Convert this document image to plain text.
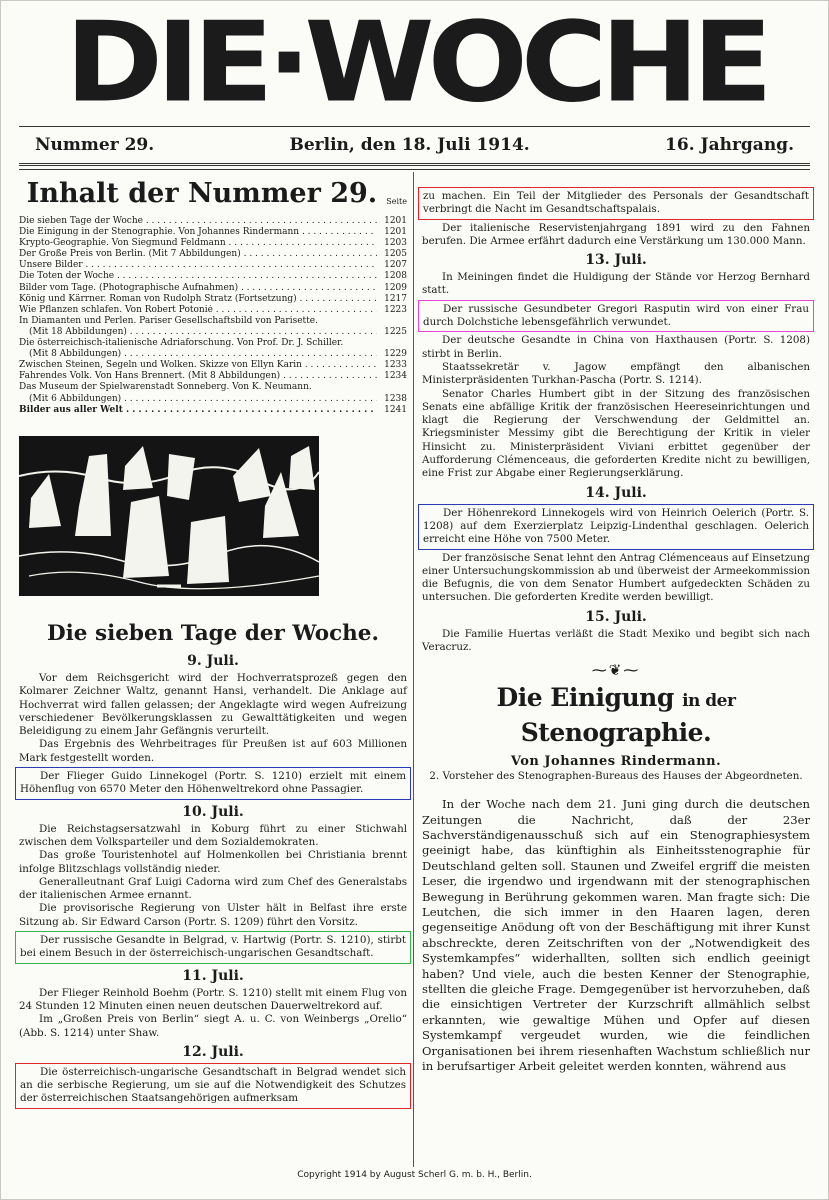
DIE·WOCHE
Nummer 29.	Berlin, den 18. Juli 1914.	16. Jahrgang.
Inhalt der Nummer 29.	Seite
Die sieben Tage der Woche . . .	1201
Die Einigung in der Stenographie. Von Johannes Rindermann . . .	1201
Krypto-Geographie. Von Siegmund Feldmann . . .	1203
Der Große Preis von Berlin. (Mit 7 Abbildungen) . . .	1205
Unsere Bilder . . .	1207
Die Toten der Woche . . .	1208
Bilder vom Tage. (Photographische Aufnahmen) . . .	1209
König und Kärrner. Roman von Rudolph Stratz (Fortsetzung) . . .	1217
Wie Pflanzen schlafen. Von Robert Potonié . . .	1223
In Diamanten und Perlen. Pariser Gesellschaftsbild von Parisette.
(Mit 18 Abbildungen) . . .	1225
Die österreichisch-italienische Adriaforschung. Von Prof. Dr. J. Schiller.
(Mit 8 Abbildungen) . . .	1229
Zwischen Steinen, Segeln und Wolken. Skizze von Ellyn Karin . . .	1233
Fahrendes Volk. Von Hans Brennert. (Mit 8 Abbildungen) . . .	1234
Das Museum der Spielwarenstadt Sonneberg. Von K. Neumann.
(Mit 6 Abbildungen) . . .	1238
Bilder aus aller Welt . . .	1241
Die sieben Tage der Woche.
9. Juli.

Vor dem Reichsgericht wird der Hochverratsprozeß gegen den Kolmarer Zeichner Waltz, genannt Hansi, verhandelt. Die Anklage auf Hochverrat wird fallen gelassen; der Angeklagte wird wegen Aufreizung verschiedener Bevölkerungsklassen zu Gewalttätigkeiten und wegen Beleidigung zu einem Jahr Gefängnis verurteilt.

Das Ergebnis des Wehrbeitrages für Preußen ist auf 603 Millionen Mark festgestellt worden.

Der Flieger Guido Linnekogel (Portr. S. 1210) erzielt mit einem Höhenflug von 6570 Meter den Höhenweltrekord ohne Passagier.

10. Juli.

Die Reichstagsersatzwahl in Koburg führt zu einer Stichwahl zwischen dem Volksparteiler und dem Sozialdemokraten.

Das große Touristenhotel auf Holmenkollen bei Christiania brennt infolge Blitzschlags vollständig nieder.

Generalleutnant Graf Luigi Cadorna wird zum Chef des Generalstabs der italienischen Armee ernannt.

Die provisorische Regierung von Ulster hält in Belfast ihre erste Sitzung ab. Sir Edward Carson (Portr. S. 1209) führt den Vorsitz.

Der russische Gesandte in Belgrad, v. Hartwig (Portr. S. 1210), stirbt bei einem Besuch in der österreichisch-ungarischen Gesandtschaft.

11. Juli.

Der Flieger Reinhold Boehm (Portr. S. 1210) stellt mit einem Flug von 24 Stunden 12 Minuten einen neuen deutschen Dauerweltrekord auf.

Im „Großen Preis von Berlin“ siegt A. u. C. von Weinbergs „Orelio“ (Abb. S. 1214) unter Shaw.

12. Juli.

Die österreichisch-ungarische Gesandtschaft in Belgrad wendet sich an die serbische Regierung, um sie auf die Notwendigkeit des Schutzes der österreichischen Staatsangehörigen aufmerksam

zu machen. Ein Teil der Mitglieder des Personals der Gesandtschaft verbringt die Nacht im Gesandtschaftspalais.

Der italienische Reservistenjahrgang 1891 wird zu den Fahnen berufen. Die Armee erfährt dadurch eine Verstärkung um 130.000 Mann.

13. Juli.

In Meiningen findet die Huldigung der Stände vor Herzog Bernhard statt.

Der russische Gesundbeter Gregori Rasputin wird von einer Frau durch Dolchstiche lebensgefährlich verwundet.

Der deutsche Gesandte in China von Haxthausen (Portr. S. 1208) stirbt in Berlin.

Staatssekretär v. Jagow empfängt den albanischen Ministerpräsidenten Turkhan-Pascha (Portr. S. 1214).

Senator Charles Humbert gibt in der Sitzung des französischen Senats eine abfällige Kritik der französischen Heereseinrichtungen und klagt die Regierung der Verschwendung der Geldmittel an. Kriegsminister Messimy gibt die Berechtigung der Kritik in vieler Hinsicht zu. Ministerpräsident Viviani erbittet gegenüber der Aufforderung Clémenceaus, die geforderten Kredite nicht zu bewilligen, eine Frist zur Abgabe einer Regierungserklärung.

14. Juli.

Der Höhenrekord Linnekogels wird von Heinrich Oelerich (Portr. S. 1208) auf dem Exerzierplatz Leipzig-Lindenthal geschlagen. Oelerich erreicht eine Höhe von 7500 Meter.

Der französische Senat lehnt den Antrag Clémenceaus auf Einsetzung einer Untersuchungskommission ab und überweist der Armeekommission die Befugnis, die von dem Senator Humbert aufgedeckten Schäden zu untersuchen. Die geforderten Kredite werden bewilligt.

15. Juli.

Die Familie Huertas verläßt die Stadt Mexiko und begibt sich nach Veracruz.

⁓❦⁓
Die Einigung in der Stenographie.
Von Johannes Rindermann.
2. Vorsteher des Stenographen-Bureaus des Hauses der Abgeordneten.

In der Woche nach dem 21. Juni ging durch die deutschen Zeitungen die Nachricht, daß der 23er Sachverständigenausschuß sich auf ein Stenographiesystem geeinigt habe, das künftighin als Einheitsstenographie für Deutschland gelten soll. Staunen und Zweifel ergriff die meisten Leser, die irgendwo und irgendwann mit der stenographischen Bewegung in Berührung gekommen waren. Man fragte sich: Die Leutchen, die sich immer in den Haaren lagen, deren gegenseitige Anödung oft von der Beschäftigung mit ihrer Kunst abschreckte, deren Zeitschriften von der „Notwendigkeit des Systemkampfes“ widerhallten, sollten sich endlich geeinigt haben? Und viele, auch die besten Kenner der Stenographie, stellten die gleiche Frage. Demgegenüber ist hervorzuheben, daß die einsichtigen Vertreter der Kurzschrift allmählich selbst erkannten, wie gewaltige Mühen und Opfer auf diesen Systemkampf vergeudet wurden, wie die feindlichen Organisationen bei ihrem riesenhaften Wachstum schließlich nur in berufsartiger Arbeit geleitet werden konnten, während aus

Copyright 1914 by August Scherl G. m. b. H., Berlin.
